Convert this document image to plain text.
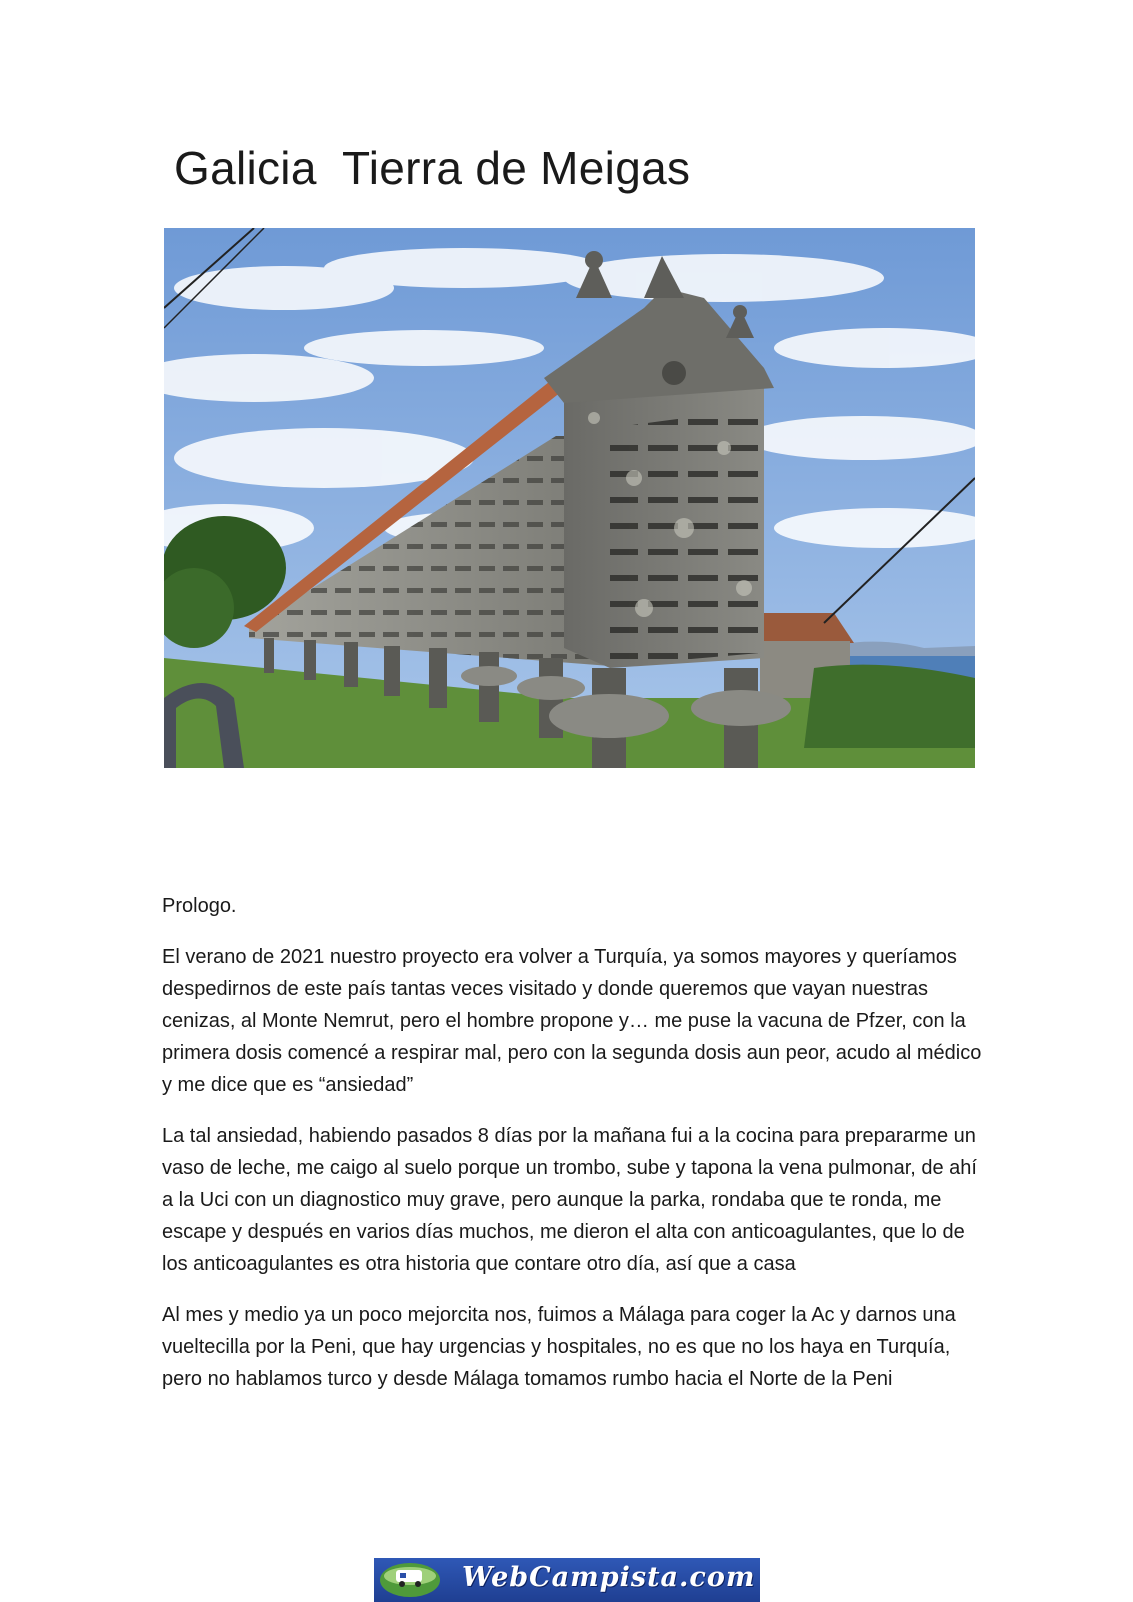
Galicia  Tierra de Meigas

Prologo.

El verano de 2021 nuestro proyecto era volver a Turquía, ya somos mayores y queríamos despedirnos de este país tantas veces visitado y donde queremos que vayan nuestras cenizas, al Monte Nemrut, pero el hombre propone y… me puse la vacuna de Pfzer, con la primera dosis comencé a respirar mal, pero con la segunda dosis aun peor, acudo al médico y me dice que es “ansiedad”

La tal ansiedad, habiendo pasados 8 días por la mañana fui a la cocina para prepararme un vaso de leche, me caigo al suelo porque un trombo, sube y tapona la vena pulmonar, de ahí a la Uci con un diagnostico muy grave, pero aunque la parka, rondaba que te ronda, me escape y después en varios días muchos, me dieron el alta con anticoagulantes, que lo de los anticoagulantes es otra historia que contare otro día, así que a casa

Al mes y medio ya un poco mejorcita nos, fuimos a Málaga para coger la Ac y darnos una vueltecilla por la Peni, que hay urgencias y hospitales, no es que no los haya en Turquía, pero no hablamos turco y desde Málaga tomamos rumbo hacia el Norte de la Peni

WebCampista.com
